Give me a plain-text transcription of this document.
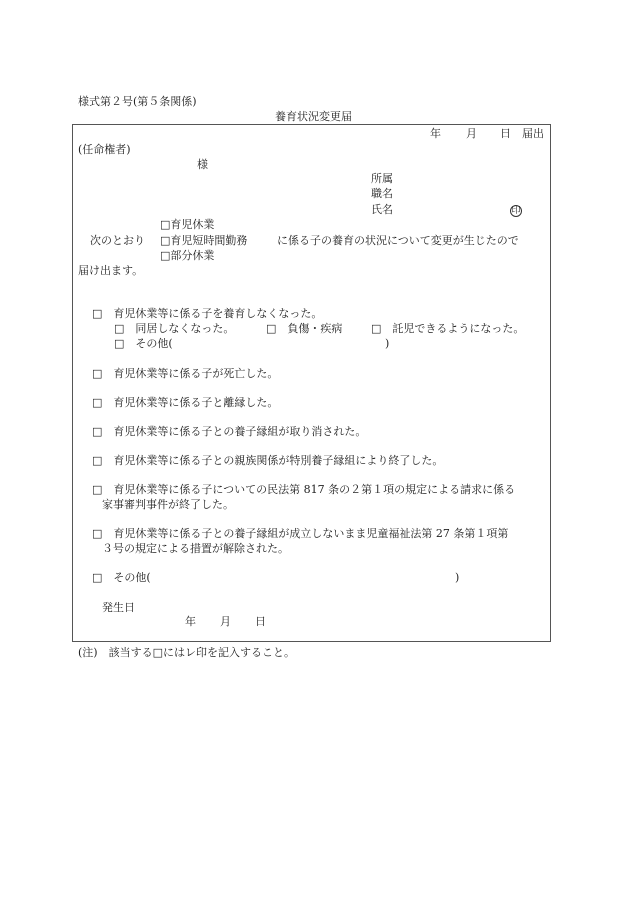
様式第２号(第５条関係)
養育状況変更届
年 月 日 届出
(任命権者)
様
所属
職名
氏名	印
□育児休業
次のとおり □育児短時間勤務	に係る子の養育の状況について変更が生じたので
□部分休業
届け出ます。
□　育児休業等に係る子を養育しなくなった。
□　同居しなくなった。	□　負傷・疾病	□　託児できるようになった。
□　その他(	)
□　育児休業等に係る子が死亡した。
□　育児休業等に係る子と離縁した。
□　育児休業等に係る子との養子縁組が取り消された。
□　育児休業等に係る子との親族関係が特別養子縁組により終了した。
□　育児休業等に係る子についての民法第 817 条の２第１項の規定による請求に係る
家事審判事件が終了した。
□　育児休業等に係る子との養子縁組が成立しないまま児童福祉法第 27 条第１項第
３号の規定による措置が解除された。
□　その他(	)
発生日
年 月 日
(注)　該当する□にはレ印を記入すること。
